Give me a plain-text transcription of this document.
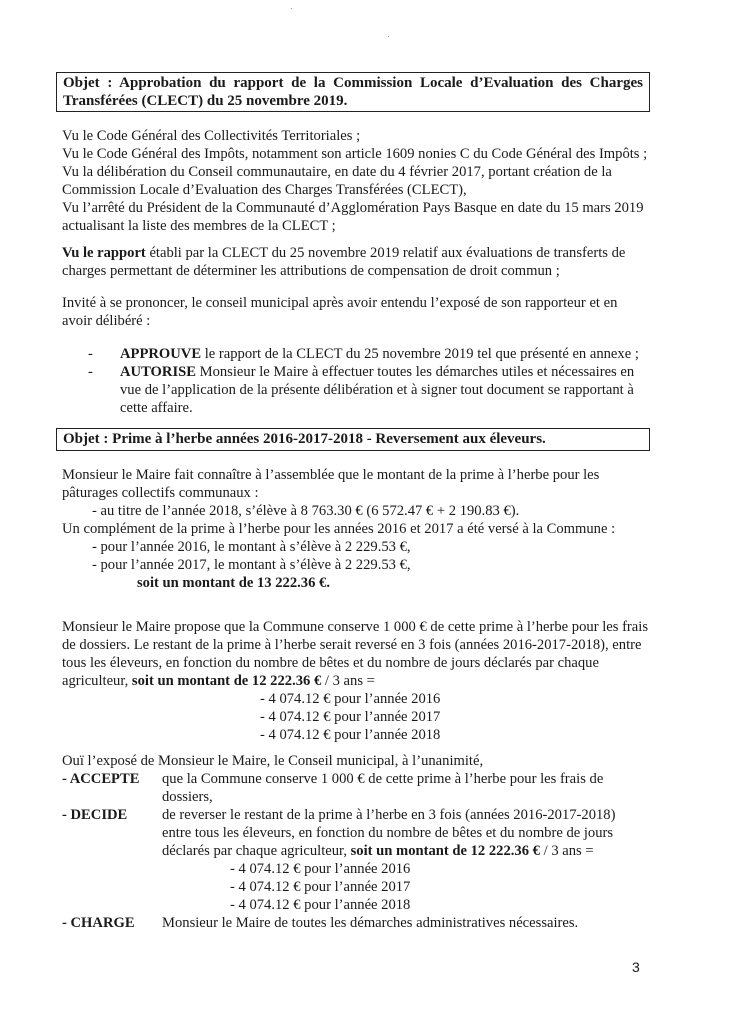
Objet : Approbation du rapport de la Commission Locale d’Evaluation des Charges
Transférées (CLECT) du 25 novembre 2019.
Vu le Code Général des Collectivités Territoriales ;
Vu le Code Général des Impôts, notamment son article 1609 nonies C du Code Général des Impôts ;
Vu la délibération du Conseil communautaire, en date du 4 février 2017, portant création de la
Commission Locale d’Evaluation des Charges Transférées (CLECT),
Vu l’arrêté du Président de la Communauté d’Agglomération Pays Basque en date du 15 mars 2019
actualisant la liste des membres de la CLECT ;
Vu le rapport établi par la CLECT du 25 novembre 2019 relatif aux évaluations de transferts de
charges permettant de déterminer les attributions de compensation de droit commun ;
Invité à se prononcer, le conseil municipal après avoir entendu l’exposé de son rapporteur et en
avoir délibéré :
- APPROUVE le rapport de la CLECT du 25 novembre 2019 tel que présenté en annexe ;
- AUTORISE Monsieur le Maire à effectuer toutes les démarches utiles et nécessaires en
vue de l’application de la présente délibération et à signer tout document se rapportant à
cette affaire.
Objet : Prime à l’herbe années 2016-2017-2018 - Reversement aux éleveurs.
Monsieur le Maire fait connaître à l’assemblée que le montant de la prime à l’herbe pour les
pâturages collectifs communaux :
- au titre de l’année 2018, s’élève à 8 763.30 € (6 572.47 € + 2 190.83 €).
Un complément de la prime à l’herbe pour les années 2016 et 2017 a été versé à la Commune :
- pour l’année 2016, le montant à s’élève à 2 229.53 €,
- pour l’année 2017, le montant à s’élève à 2 229.53 €,
soit un montant de 13 222.36 €.
Monsieur le Maire propose que la Commune conserve 1 000 € de cette prime à l’herbe pour les frais
de dossiers. Le restant de la prime à l’herbe serait reversé en 3 fois (années 2016-2017-2018), entre
tous les éleveurs, en fonction du nombre de bêtes et du nombre de jours déclarés par chaque
agriculteur, soit un montant de 12 222.36 € / 3 ans =
- 4 074.12 € pour l’année 2016
- 4 074.12 € pour l’année 2017
- 4 074.12 € pour l’année 2018
Ouï l’exposé de Monsieur le Maire, le Conseil municipal, à l’unanimité,
- ACCEPTE	que la Commune conserve 1 000 € de cette prime à l’herbe pour les frais de
dossiers,
- DECIDE	de reverser le restant de la prime à l’herbe en 3 fois (années 2016-2017-2018)
entre tous les éleveurs, en fonction du nombre de bêtes et du nombre de jours
déclarés par chaque agriculteur, soit un montant de 12 222.36 € / 3 ans =
- 4 074.12 € pour l’année 2016
- 4 074.12 € pour l’année 2017
- 4 074.12 € pour l’année 2018
- CHARGE	Monsieur le Maire de toutes les démarches administratives nécessaires.
3
